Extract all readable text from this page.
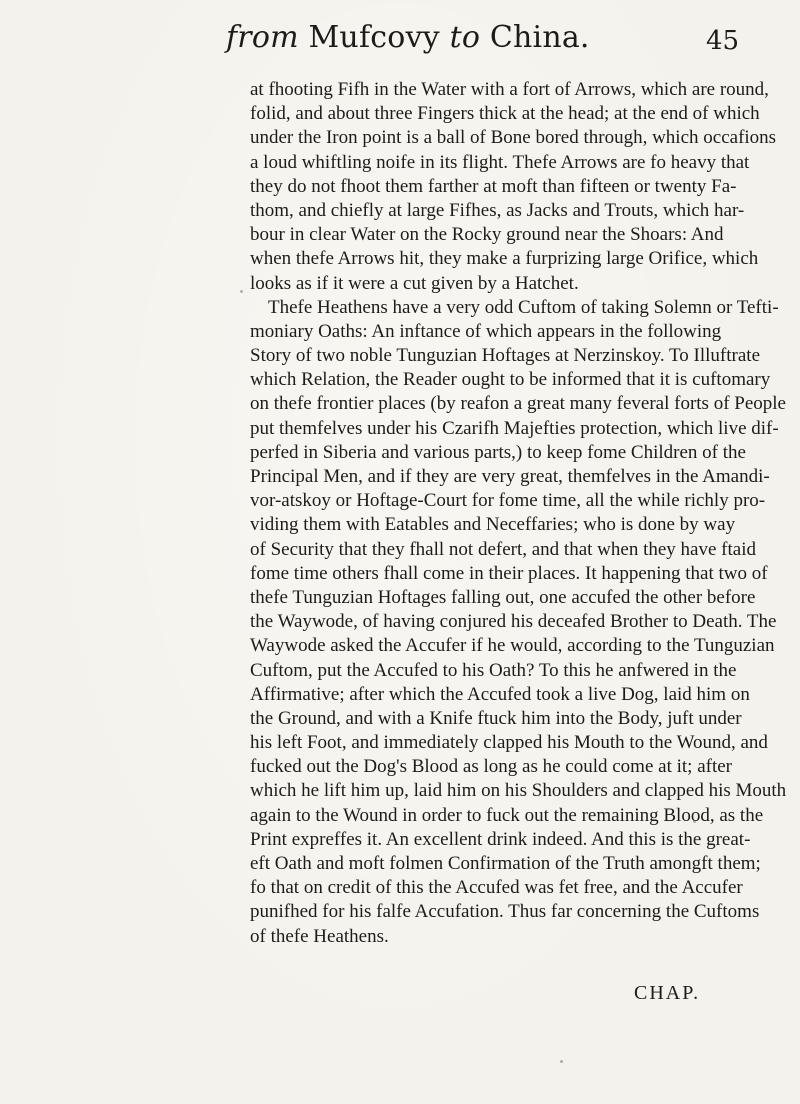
from Mufcovy to China.	45
at fhooting Fifh in the Water with a fort of Arrows, which are round,
folid, and about three Fingers thick at the head; at the end of which
under the Iron point is a ball of Bone bored through, which occafions
a loud whiftling noife in its flight. Thefe Arrows are fo heavy that
they do not fhoot them farther at moft than fifteen or twenty Fa-
thom, and chiefly at large Fifhes, as Jacks and Trouts, which har-
bour in clear Water on the Rocky ground near the Shoars: And
when thefe Arrows hit, they make a furprizing large Orifice, which
looks as if it were a cut given by a Hatchet.
Thefe Heathens have a very odd Cuftom of taking Solemn or Tefti-
moniary Oaths: An inftance of which appears in the following
Story of two noble Tunguzian Hoftages at Nerzinskoy. To Illuftrate
which Relation, the Reader ought to be informed that it is cuftomary
on thefe frontier places (by reafon a great many feveral forts of People
put themfelves under his Czarifh Majefties protection, which live dif-
perfed in Siberia and various parts,) to keep fome Children of the
Principal Men, and if they are very great, themfelves in the Amandi-
vor-atskoy or Hoftage-Court for fome time, all the while richly pro-
viding them with Eatables and Neceffaries; who is done by way
of Security that they fhall not defert, and that when they have ftaid
fome time others fhall come in their places. It happening that two of
thefe Tunguzian Hoftages falling out, one accufed the other before
the Waywode, of having conjured his deceafed Brother to Death. The
Waywode asked the Accufer if he would, according to the Tunguzian
Cuftom, put the Accufed to his Oath? To this he anfwered in the
Affirmative; after which the Accufed took a live Dog, laid him on
the Ground, and with a Knife ftuck him into the Body, juft under
his left Foot, and immediately clapped his Mouth to the Wound, and
fucked out the Dog's Blood as long as he could come at it; after
which he lift him up, laid him on his Shoulders and clapped his Mouth
again to the Wound in order to fuck out the remaining Blood, as the
Print expreffes it. An excellent drink indeed. And this is the great-
eft Oath and moft folmen Confirmation of the Truth amongft them;
fo that on credit of this the Accufed was fet free, and the Accufer
punifhed for his falfe Accufation. Thus far concerning the Cuftoms
of thefe Heathens.
CHAP.
